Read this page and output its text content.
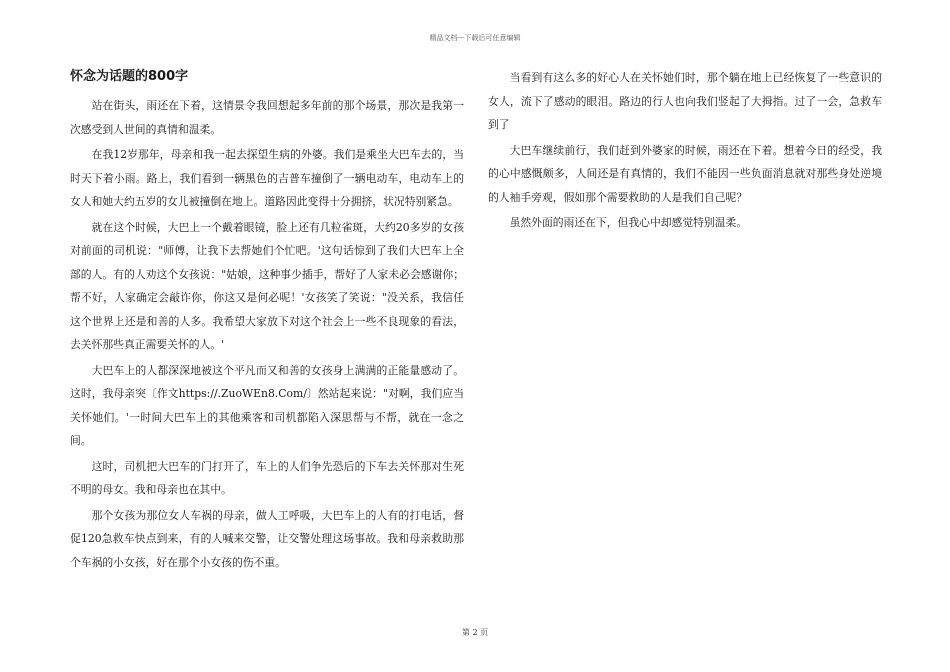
精品文档---下载后可任意编辑
怀念为话题的800字

站在街头，雨还在下着，这情景令我回想起多年前的那个场景，那次是我第一次感受到人世间的真情和温柔。

在我12岁那年，母亲和我一起去探望生病的外婆。我们是乘坐大巴车去的，当时天下着小雨。路上，我们看到一辆黑色的吉普车撞倒了一辆电动车，电动车上的女人和她大约五岁的女儿被撞倒在地上。道路因此变得十分拥挤，状况特别紧急。

就在这个时候，大巴上一个戴着眼镜，脸上还有几粒雀斑，大约20多岁的女孩对前面的司机说："师傅，让我下去帮她们个忙吧。'这句话惊到了我们大巴车上全部的人。有的人劝这个女孩说："姑娘，这种事少插手，帮好了人家未必会感谢你；帮不好，人家确定会敲诈你，你这又是何必呢！'女孩笑了笑说："没关系，我信任这个世界上还是和善的人多。我希望大家放下对这个社会上一些不良现象的看法，去关怀那些真正需要关怀的人。'

大巴车上的人都深深地被这个平凡而又和善的女孩身上满满的正能量感动了。这时，我母亲突〔作文https://.ZuoWEn8.Com/〕然站起来说："对啊，我们应当关怀她们。'一时间大巴车上的其他乘客和司机都陷入深思帮与不帮，就在一念之间。

这时，司机把大巴车的门打开了，车上的人们争先恐后的下车去关怀那对生死不明的母女。我和母亲也在其中。

那个女孩为那位女人车祸的母亲，做人工呼吸，大巴车上的人有的打电话，督促120急救车快点到来，有的人喊来交警，让交警处理这场事故。我和母亲救助那个车祸的小女孩，好在那个小女孩的伤不重。

当看到有这么多的好心人在关怀她们时，那个躺在地上已经恢复了一些意识的女人，流下了感动的眼泪。路边的行人也向我们竖起了大拇指。过了一会，急救车到了

大巴车继续前行，我们赶到外婆家的时候，雨还在下着。想着今日的经受，我的心中感慨颇多，人间还是有真情的，我们不能因一些负面消息就对那些身处逆境的人袖手旁观，假如那个需要救助的人是我们自己呢？

虽然外面的雨还在下，但我心中却感觉特别温柔。

第 2 页
